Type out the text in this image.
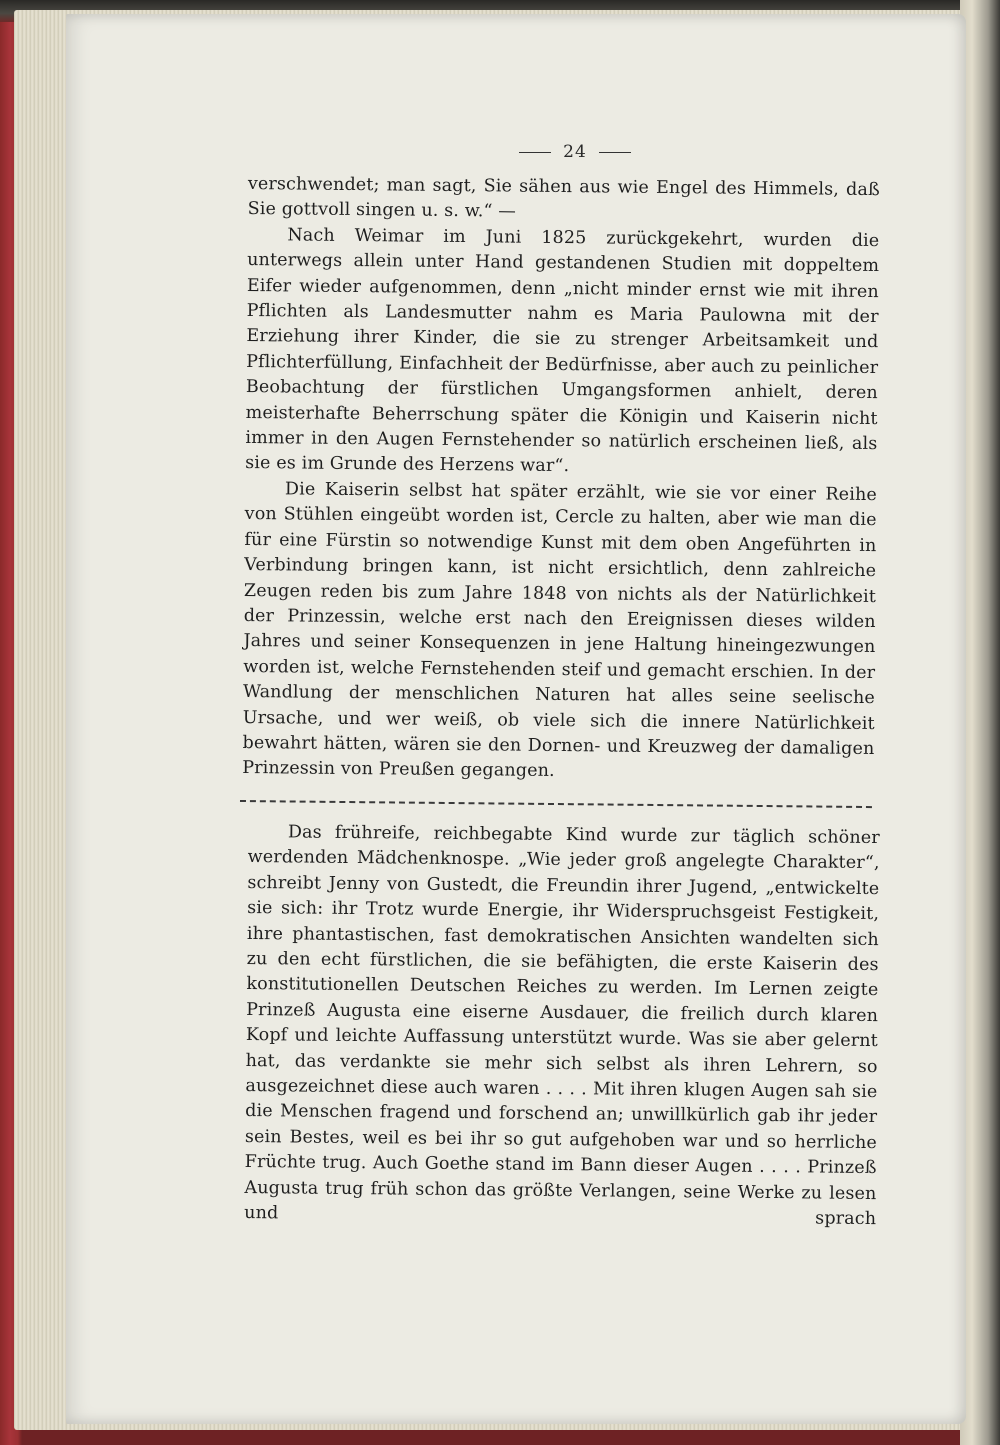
24

verschwendet; man sagt, Sie sähen aus wie Engel des Himmels, daß Sie gottvoll singen u. s. w.“ —

Nach Weimar im Juni 1825 zurückgekehrt, wurden die unterwegs allein unter Hand gestandenen Studien mit doppeltem Eifer wieder aufgenommen, denn „nicht minder ernst wie mit ihren Pflichten als Landesmutter nahm es Maria Paulowna mit der Erziehung ihrer Kinder, die sie zu strenger Arbeitsamkeit und Pflichterfüllung, Einfachheit der Bedürfnisse, aber auch zu peinlicher Beobachtung der fürstlichen Umgangsformen anhielt, deren meisterhafte Beherrschung später die Königin und Kaiserin nicht immer in den Augen Fernstehender so natürlich erscheinen ließ, als sie es im Grunde des Herzens war“.

Die Kaiserin selbst hat später erzählt, wie sie vor einer Reihe von Stühlen eingeübt worden ist, Cercle zu halten, aber wie man die für eine Fürstin so notwendige Kunst mit dem oben Angeführten in Verbindung bringen kann, ist nicht ersichtlich, denn zahlreiche Zeugen reden bis zum Jahre 1848 von nichts als der Natürlichkeit der Prinzessin, welche erst nach den Ereignissen dieses wilden Jahres und seiner Konsequenzen in jene Haltung hineingezwungen worden ist, welche Fernstehenden steif und gemacht erschien. In der Wandlung der menschlichen Naturen hat alles seine seelische Ursache, und wer weiß, ob viele sich die innere Natürlichkeit bewahrt hätten, wären sie den Dornen- und Kreuzweg der damaligen Prinzessin von Preußen gegangen.

Das frühreife, reichbegabte Kind wurde zur täglich schöner werdenden Mädchenknospe. „Wie jeder groß angelegte Charakter“, schreibt Jenny von Gustedt, die Freundin ihrer Jugend, „entwickelte sie sich: ihr Trotz wurde Energie, ihr Widerspruchsgeist Festigkeit, ihre phantastischen, fast demokratischen Ansichten wandelten sich zu den echt fürstlichen, die sie befähigten, die erste Kaiserin des konstitutionellen Deutschen Reiches zu werden. Im Lernen zeigte Prinzeß Augusta eine eiserne Ausdauer, die freilich durch klaren Kopf und leichte Auffassung unterstützt wurde. Was sie aber gelernt hat, das verdankte sie mehr sich selbst als ihren Lehrern, so ausgezeichnet diese auch waren . . . . Mit ihren klugen Augen sah sie die Menschen fragend und forschend an; unwillkürlich gab ihr jeder sein Bestes, weil es bei ihr so gut aufgehoben war und so herrliche Früchte trug. Auch Goethe stand im Bann dieser Augen . . . . Prinzeß Augusta trug früh schon das größte Verlangen, seine Werke zu lesen und sprach
